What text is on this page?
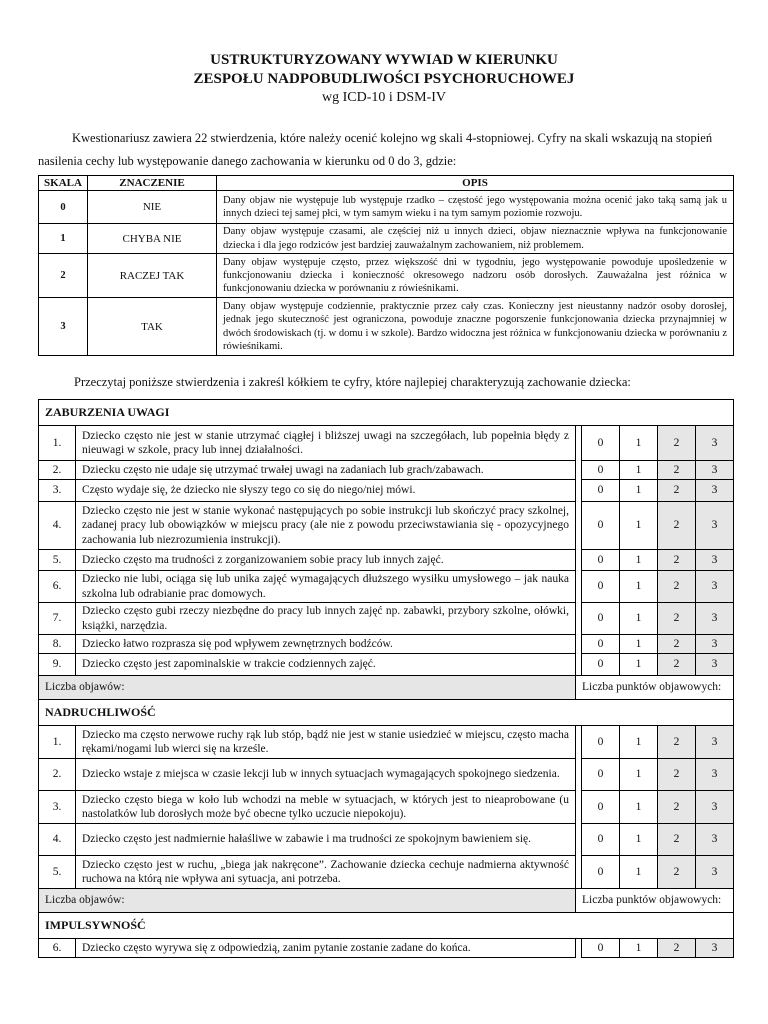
USTRUKTURYZOWANY WYWIAD W KIERUNKU
ZESPOŁU NADPOBUDLIWOŚCI PSYCHORUCHOWEJ
wg ICD-10 i DSM-IV
Kwestionariusz zawiera 22 stwierdzenia, które należy ocenić kolejno wg skali 4-stopniowej. Cyfry na skali wskazują na stopień nasilenia cechy lub występowanie danego zachowania w kierunku od 0 do 3, gdzie:
SKALA	ZNACZENIE	OPIS
0	NIE	Dany objaw nie występuje lub występuje rzadko – częstość jego występowania można ocenić jako taką samą jak u innych dzieci tej samej płci, w tym samym wieku i na tym samym poziomie rozwoju.
1	CHYBA NIE	Dany objaw występuje czasami, ale częściej niż u innych dzieci, objaw nieznacznie wpływa na funkcjonowanie dziecka i dla jego rodziców jest bardziej zauważalnym zachowaniem, niż problemem.
2	RACZEJ TAK	Dany objaw występuje często, przez większość dni w tygodniu, jego występowanie powoduje upośledzenie w funkcjonowaniu dziecka i konieczność okresowego nadzoru osób dorosłych. Zauważalna jest różnica w funkcjonowaniu dziecka w porównaniu z rówieśnikami.
3	TAK	Dany objaw występuje codziennie, praktycznie przez cały czas. Konieczny jest nieustanny nadzór osoby dorosłej, jednak jego skuteczność jest ograniczona, powoduje znaczne pogorszenie funkcjonowania dziecka przynajmniej w dwóch środowiskach (tj. w domu i w szkole). Bardzo widoczna jest różnica w funkcjonowaniu dziecka w porównaniu z rówieśnikami.
Przeczytaj poniższe stwierdzenia i zakreśl kółkiem te cyfry, które najlepiej charakteryzują zachowanie dziecka:
ZABURZENIA UWAGI						
1.	Dziecko często nie jest w stanie utrzymać ciągłej i bliższej uwagi na szczegółach, lub popełnia błędy z nieuwagi w szkole, pracy lub innej działalności.		0	1	2	3
2.	Dziecku często nie udaje się utrzymać trwałej uwagi na zadaniach lub grach/zabawach.		0	1	2	3
3.	Często wydaje się, że dziecko nie słyszy tego co się do niego/niej mówi.		0	1	2	3
4.	Dziecko często nie jest w stanie wykonać następujących po sobie instrukcji lub skończyć pracy szkolnej, zadanej pracy lub obowiązków w miejscu pracy (ale nie z powodu przeciwstawiania się - opozycyjnego zachowania lub niezrozumienia instrukcji).		0	1	2	3
5.	Dziecko często ma trudności z zorganizowaniem sobie pracy lub innych zajęć.		0	1	2	3
6.	Dziecko nie lubi, ociąga się lub unika zajęć wymagających dłuższego wysiłku umysłowego – jak nauka szkolna lub odrabianie prac domowych.		0	1	2	3
7.	Dziecko często gubi rzeczy niezbędne do pracy lub innych zajęć np. zabawki, przybory szkolne, ołówki, książki, narzędzia.		0	1	2	3
8.	Dziecko łatwo rozprasza się pod wpływem zewnętrznych bodźców.		0	1	2	3
9.	Dziecko często jest zapominalskie w trakcie codziennych zajęć.		0	1	2	3
Liczba objawów:		Liczba punktów objawowych:				
NADRUCHLIWOŚĆ						
1.	Dziecko ma często nerwowe ruchy rąk lub stóp, bądź nie jest w stanie usiedzieć w miejscu, często macha rękami/nogami lub wierci się na krześle.		0	1	2	3
2.	Dziecko wstaje z miejsca w czasie lekcji lub w innych sytuacjach wymagających spokojnego siedzenia.		0	1	2	3
3.	Dziecko często biega w koło lub wchodzi na meble w sytuacjach, w których jest to nieaprobowane (u nastolatków lub dorosłych może być obecne tylko uczucie niepokoju).		0	1	2	3
4.	Dziecko często jest nadmiernie hałaśliwe w zabawie i ma trudności ze spokojnym bawieniem się.		0	1	2	3
5.	Dziecko często jest w ruchu, „biega jak nakręcone”. Zachowanie dziecka cechuje nadmierna aktywność ruchowa na którą nie wpływa ani sytuacja, ani potrzeba.		0	1	2	3
Liczba objawów:		Liczba punktów objawowych:				
IMPULSYWNOŚĆ						
6.	Dziecko często wyrywa się z odpowiedzią, zanim pytanie zostanie zadane do końca.		0	1	2	3
